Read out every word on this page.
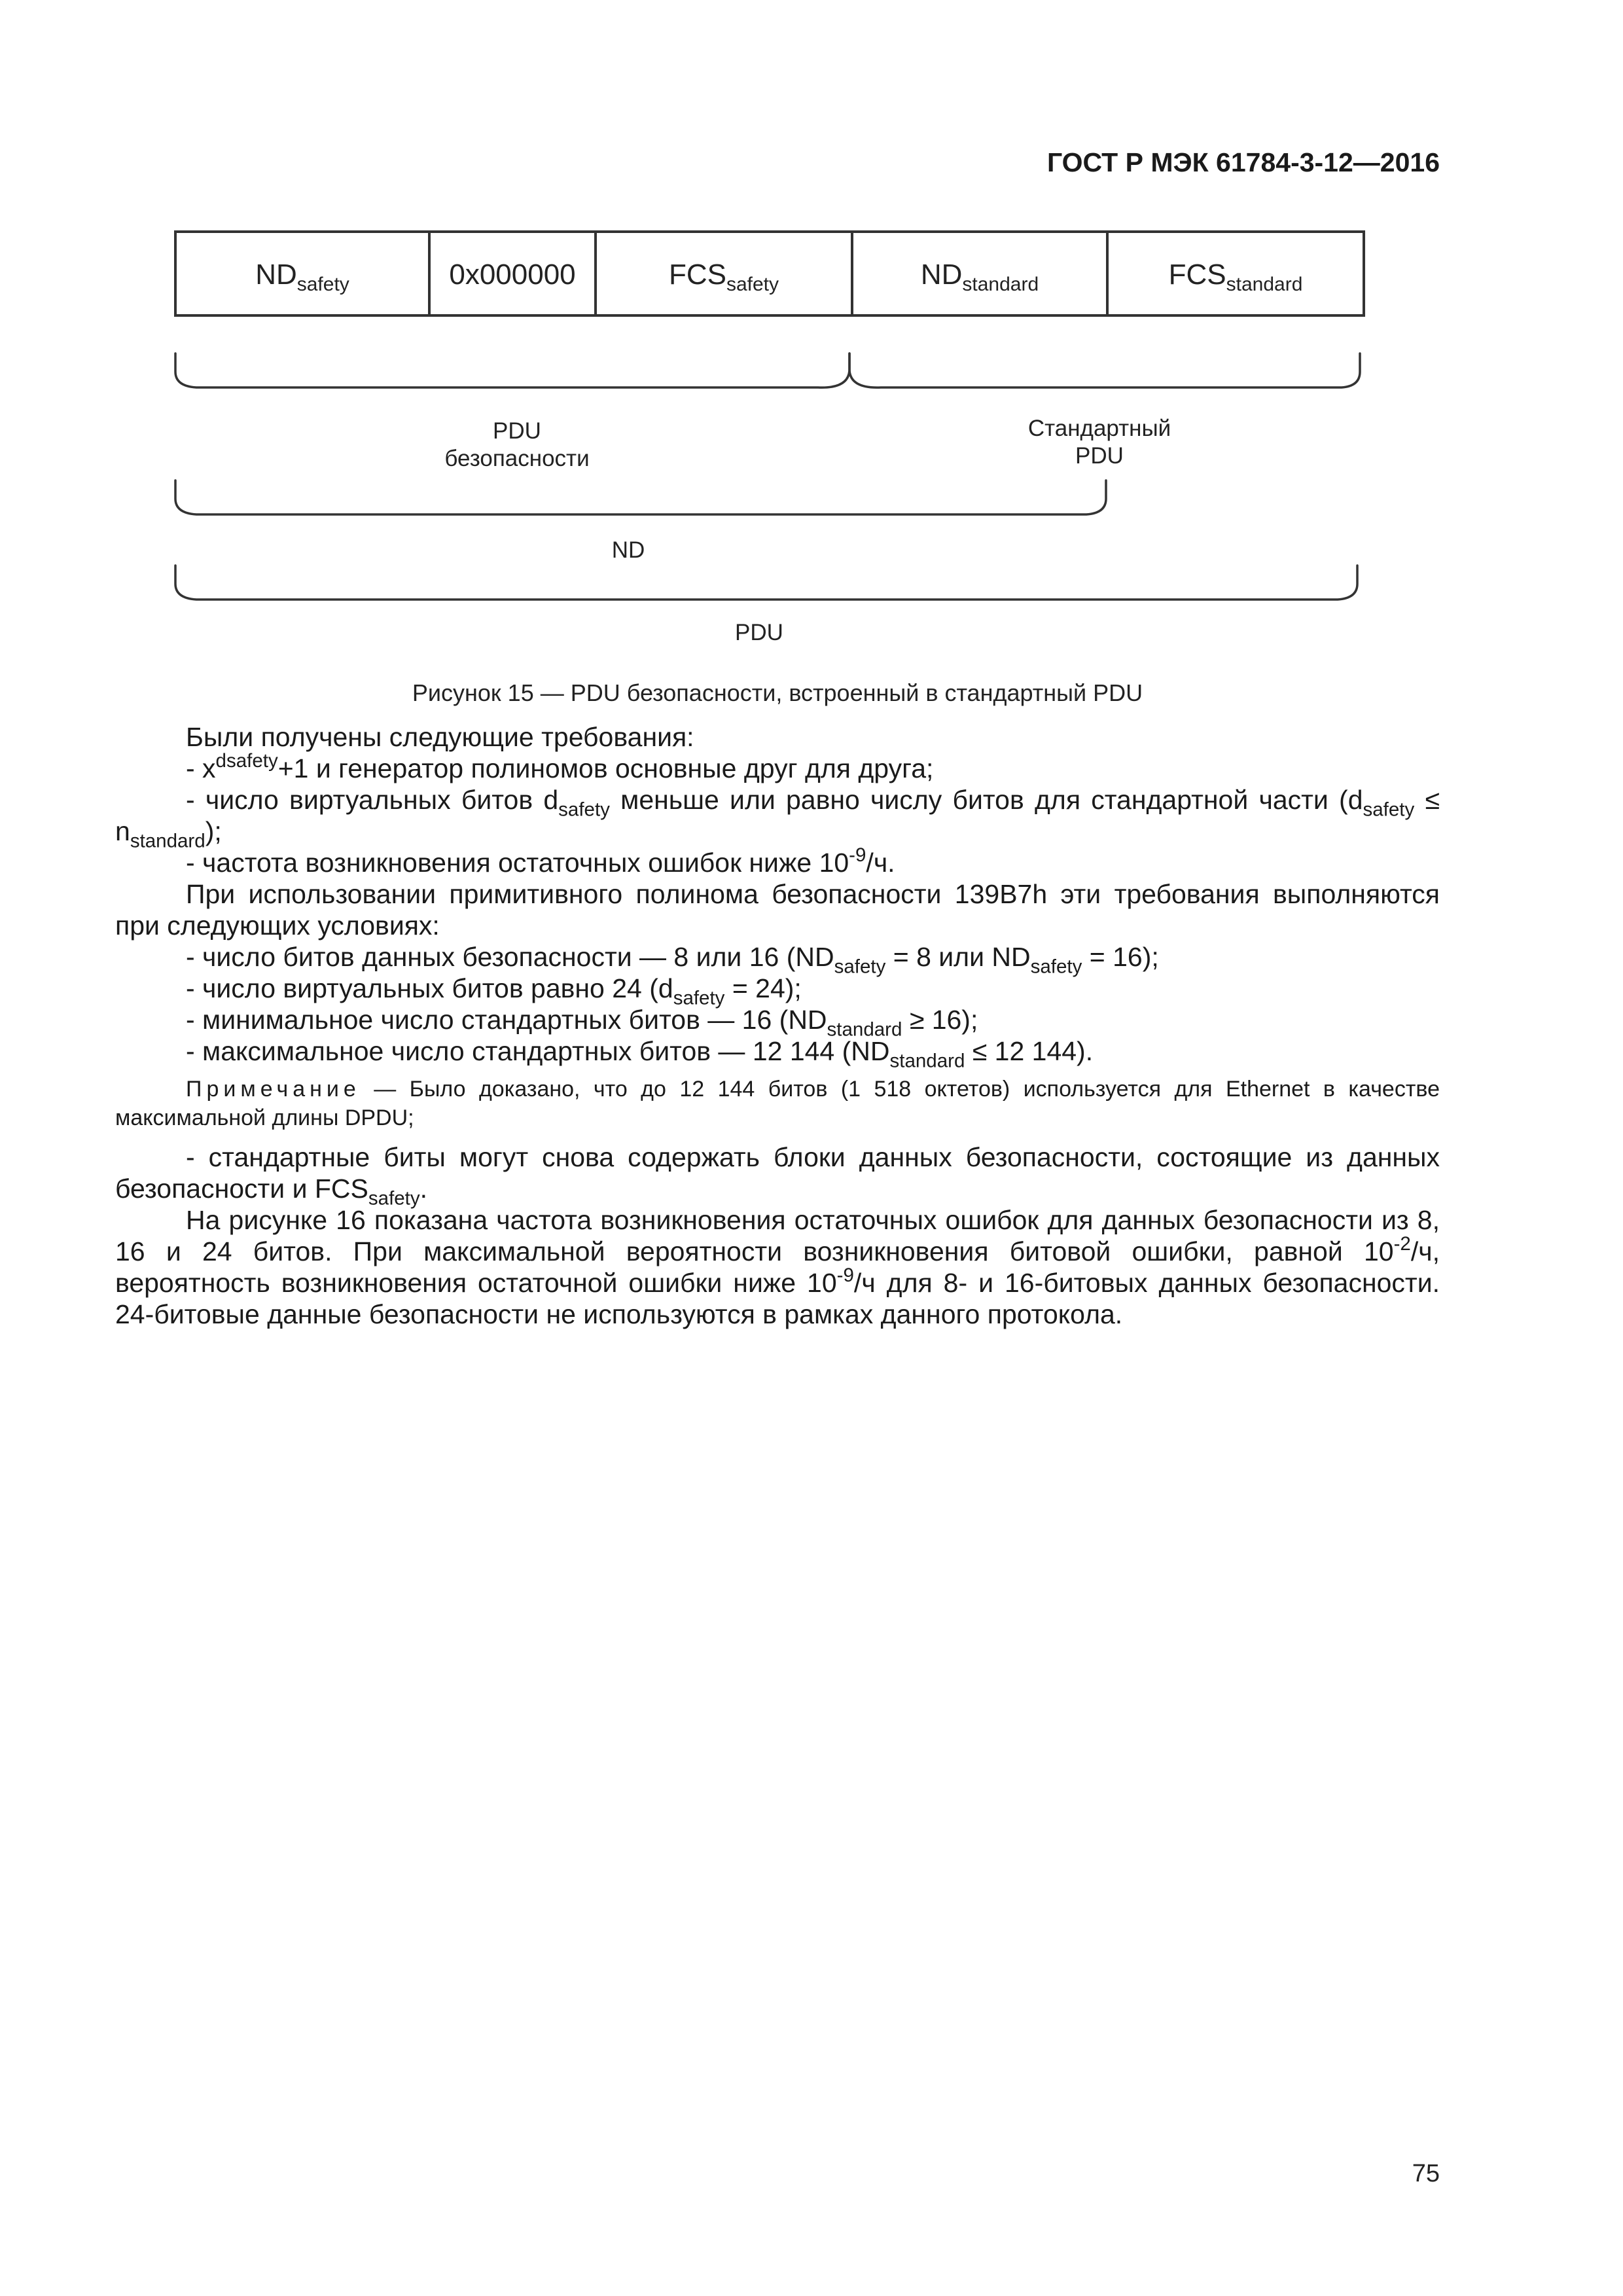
ГОСТ Р МЭК 61784-3-12—2016
$ND_{safety}$	0x000000	$FCS_{safety}$	$ND_{standard}$	$FCS_{standard}$
PDU
безопасности
Стандартный
PDU
ND
PDU
Рисунок 15 — PDU безопасности, встроенный в стандартный PDU

Были получены следующие требования:

- $x^{dsafety}+1$ и генератор полиномов основные друг для друга;

- число виртуальных битов $d_{safety}$ меньше или равно числу битов для стандартной части $(d_{safety} \le n_{standard})$;

- частота возникновения остаточных ошибок ниже $10^{-9}/ч$.

При использовании примитивного полинома безопасности 139B7h эти требования выполняются при следующих условиях:

- число битов данных безопасности — 8 или 16 ($ND_{safety} = 8$ или $ND_{safety} = 16$);

- число виртуальных битов равно 24 $(d_{safety} = 24)$;

- минимальное число стандартных битов — 16 $(ND_{standard} \ge 16)$;

- максимальное число стандартных битов — 12 144 ($ND_{standard} \le 12$ 144).

Примечание — Было доказано, что до 12 144 битов (1 518 октетов) используется для Ethernet в качестве максимальной длины DPDU;

- стандартные биты могут снова содержать блоки данных безопасности, состоящие из данных безопасности и $FCS_{safety}$.

На рисунке 16 показана частота возникновения остаточных ошибок для данных безопасности из 8, 16 и 24 битов. При максимальной вероятности возникновения битовой ошибки, равной $10^{-2}/ч$, вероятность возникновения остаточной ошибки ниже $10^{-9}/ч$ для 8- и 16-битовых данных безопасности. 24-битовые данные безопасности не используются в рамках данного протокола.

75
